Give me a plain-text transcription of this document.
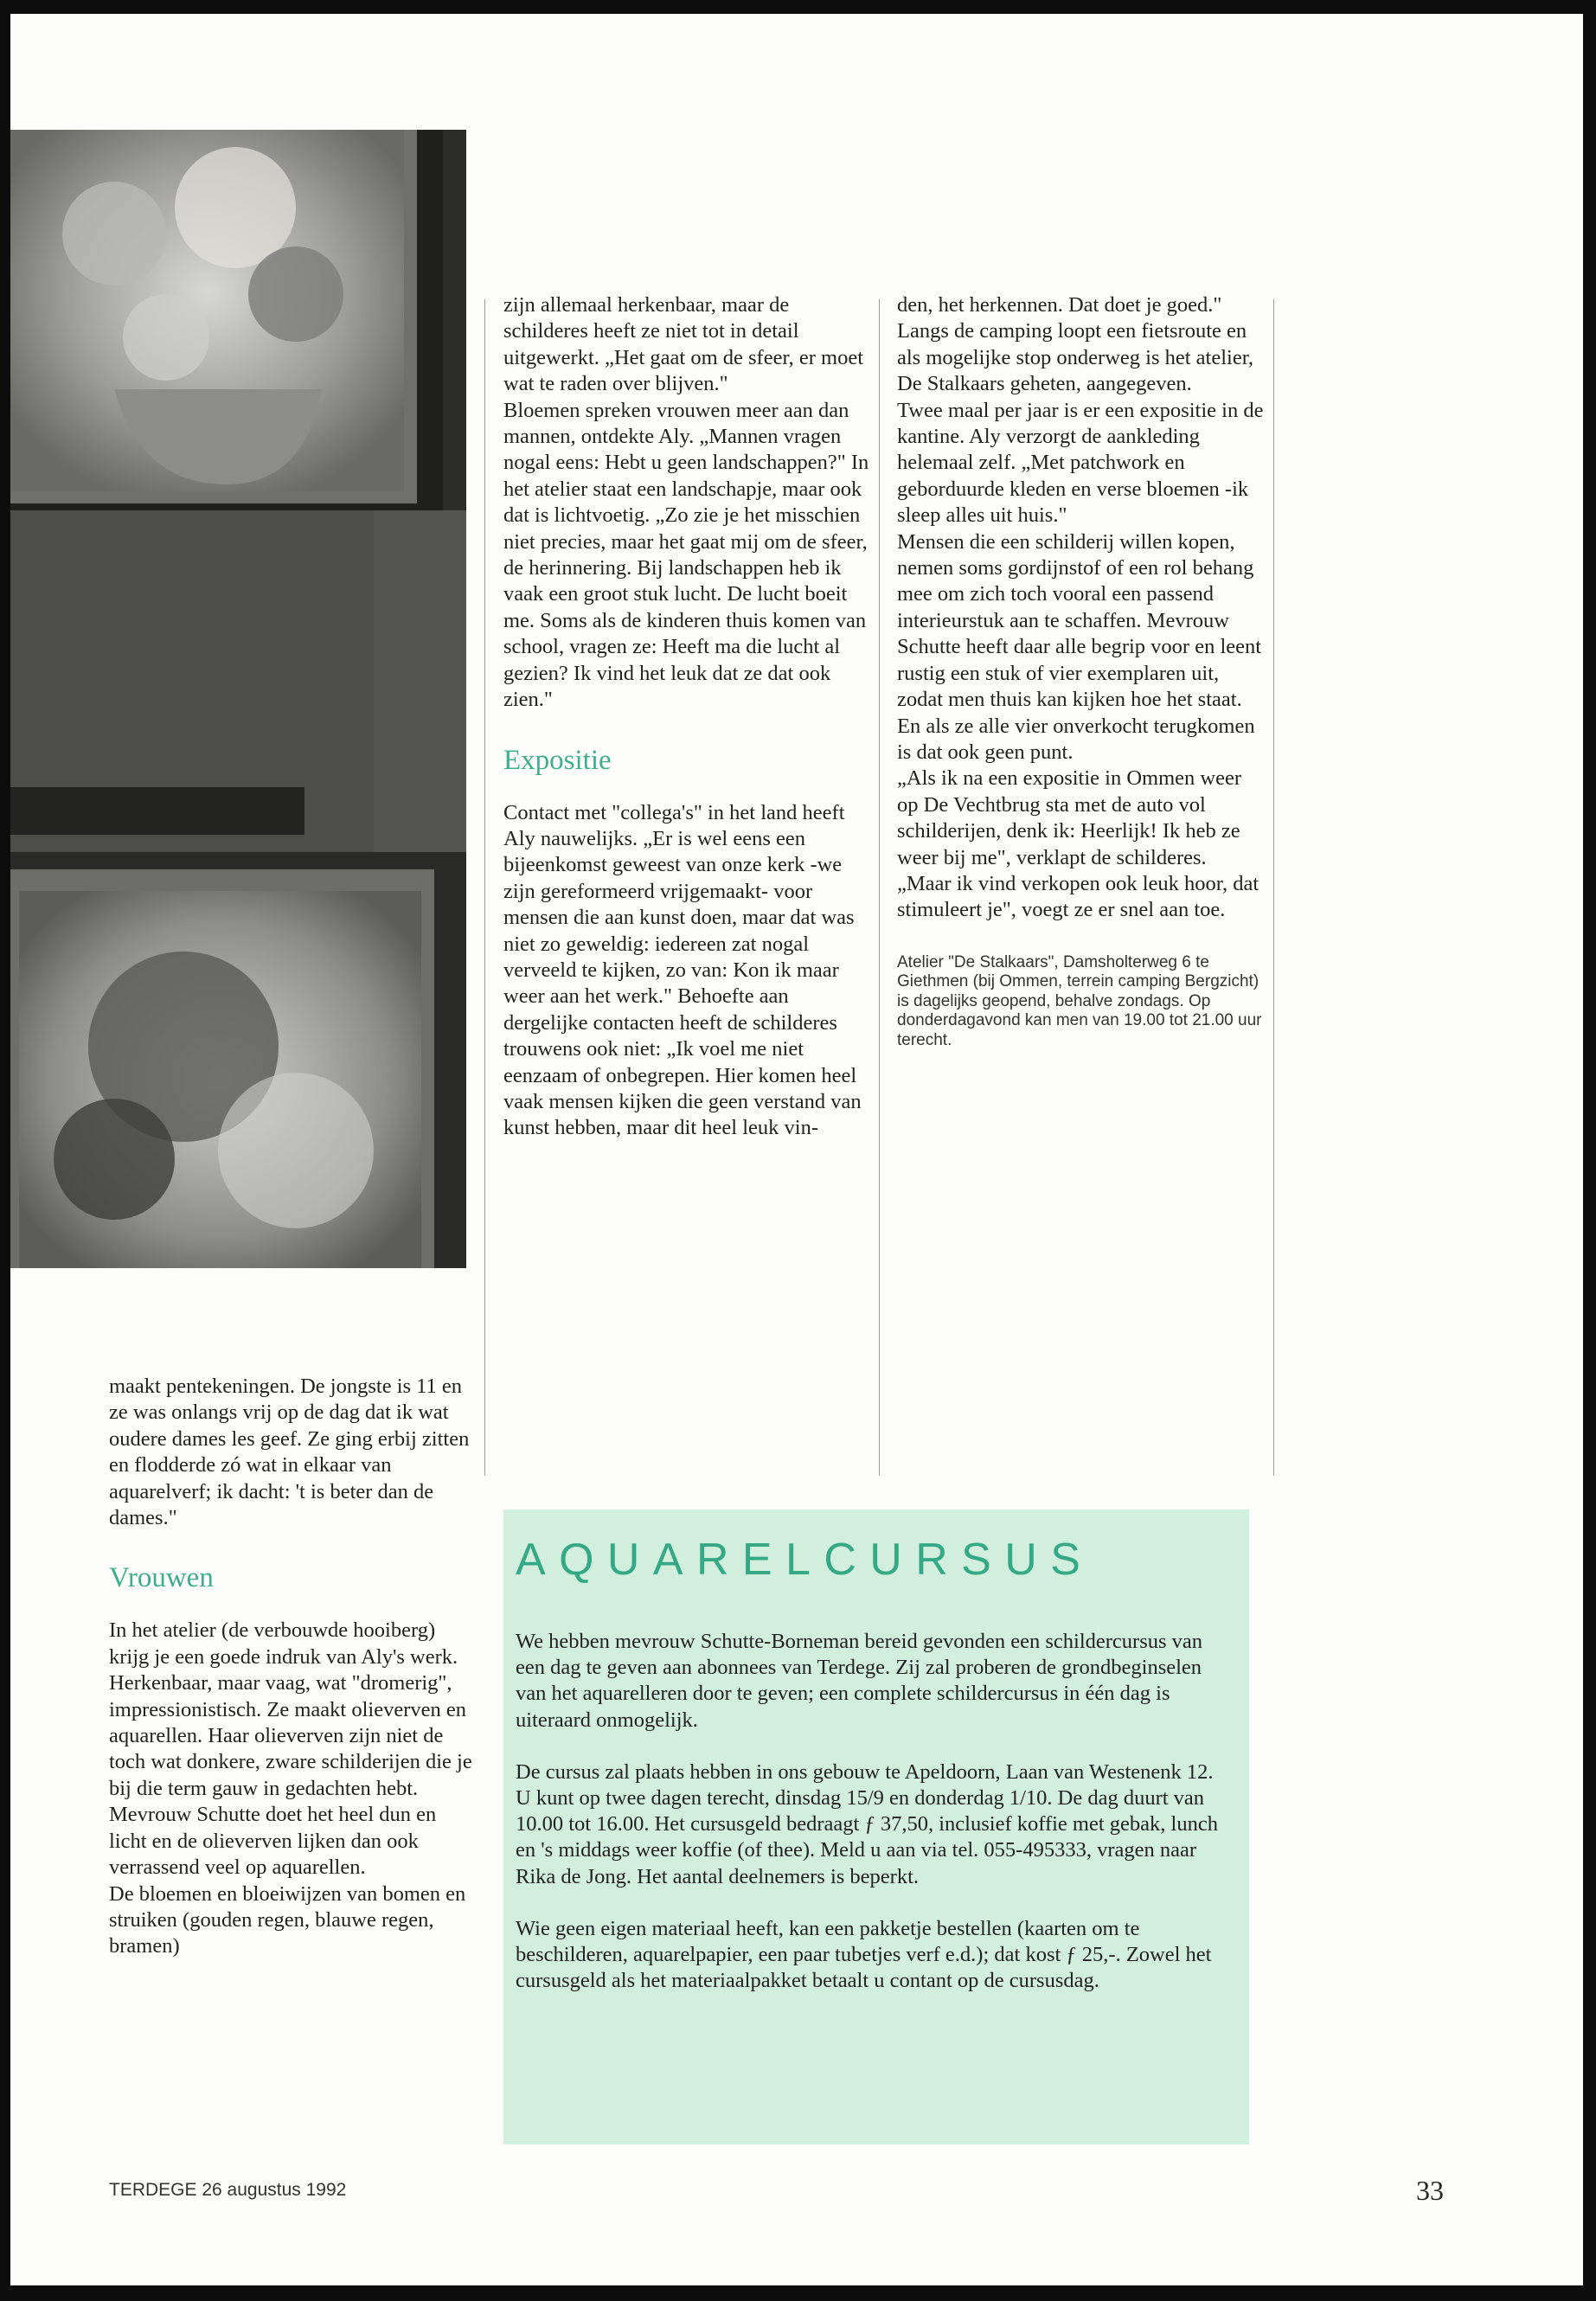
maakt pentekeningen. De jongste is 11 en ze was onlangs vrij op de dag dat ik wat oudere dames les geef. Ze ging erbij zitten en flodderde zó wat in elkaar van aquarelverf; ik dacht: 't is beter dan de dames."

Vrouwen

In het atelier (de verbouwde hooiberg) krijg je een goede indruk van Aly's werk. Herkenbaar, maar vaag, wat "dromerig", impressionistisch. Ze maakt olieverven en aquarellen. Haar olieverven zijn niet de toch wat donkere, zware schilderijen die je bij die term gauw in gedachten hebt. Mevrouw Schutte doet het heel dun en licht en de olieverven lijken dan ook verrassend veel op aquarellen.

De bloemen en bloeiwijzen van bomen en struiken (gouden regen, blauwe regen, bramen)

zijn allemaal herkenbaar, maar de schilderes heeft ze niet tot in detail uitgewerkt. „Het gaat om de sfeer, er moet wat te raden over blijven."

Bloemen spreken vrouwen meer aan dan mannen, ontdekte Aly. „Mannen vragen nogal eens: Hebt u geen landschappen?" In het atelier staat een landschapje, maar ook dat is lichtvoetig. „Zo zie je het misschien niet precies, maar het gaat mij om de sfeer, de herinnering. Bij landschappen heb ik vaak een groot stuk lucht. De lucht boeit me. Soms als de kinderen thuis komen van school, vragen ze: Heeft ma die lucht al gezien? Ik vind het leuk dat ze dat ook zien."

Expositie

Contact met "collega's" in het land heeft Aly nauwelijks. „Er is wel eens een bijeenkomst geweest van onze kerk -we zijn gereformeerd vrijgemaakt- voor mensen die aan kunst doen, maar dat was niet zo geweldig: iedereen zat nogal verveeld te kijken, zo van: Kon ik maar weer aan het werk." Behoefte aan dergelijke contacten heeft de schilderes trouwens ook niet: „Ik voel me niet eenzaam of onbegrepen. Hier komen heel vaak mensen kijken die geen verstand van kunst hebben, maar dit heel leuk vin-

den, het herkennen. Dat doet je goed."

Langs de camping loopt een fietsroute en als mogelijke stop onderweg is het atelier, De Stalkaars geheten, aangegeven.

Twee maal per jaar is er een expositie in de kantine. Aly verzorgt de aankleding helemaal zelf. „Met patchwork en geborduurde kleden en verse bloemen -ik sleep alles uit huis."

Mensen die een schilderij willen kopen, nemen soms gordijnstof of een rol behang mee om zich toch vooral een passend interieurstuk aan te schaffen. Mevrouw Schutte heeft daar alle begrip voor en leent rustig een stuk of vier exemplaren uit, zodat men thuis kan kijken hoe het staat. En als ze alle vier onverkocht terugkomen is dat ook geen punt.

„Als ik na een expositie in Ommen weer op De Vechtbrug sta met de auto vol schilderijen, denk ik: Heerlijk! Ik heb ze weer bij me", verklapt de schilderes. „Maar ik vind verkopen ook leuk hoor, dat stimuleert je", voegt ze er snel aan toe.

Atelier "De Stalkaars", Damsholterweg 6 te Giethmen (bij Ommen, terrein camping Bergzicht) is dagelijks geopend, behalve zondags. Op donderdagavond kan men van 19.00 tot 21.00 uur terecht.

AQUARELCURSUS

We hebben mevrouw Schutte-Borneman bereid gevonden een schildercursus van een dag te geven aan abonnees van Terdege. Zij zal proberen de grondbeginselen van het aquarelleren door te geven; een complete schildercursus in één dag is uiteraard onmogelijk.

De cursus zal plaats hebben in ons gebouw te Apeldoorn, Laan van Westenenk 12. U kunt op twee dagen terecht, dinsdag 15/9 en donderdag 1/10. De dag duurt van 10.00 tot 16.00. Het cursusgeld bedraagt ƒ 37,50, inclusief koffie met gebak, lunch en 's middags weer koffie (of thee). Meld u aan via tel. 055-495333, vragen naar Rika de Jong. Het aantal deelnemers is beperkt.

Wie geen eigen materiaal heeft, kan een pakketje bestellen (kaarten om te beschilderen, aquarelpapier, een paar tubetjes verf e.d.); dat kost ƒ 25,-. Zowel het cursusgeld als het materiaalpakket betaalt u contant op de cursusdag.

TERDEGE 26 augustus 1992	33
